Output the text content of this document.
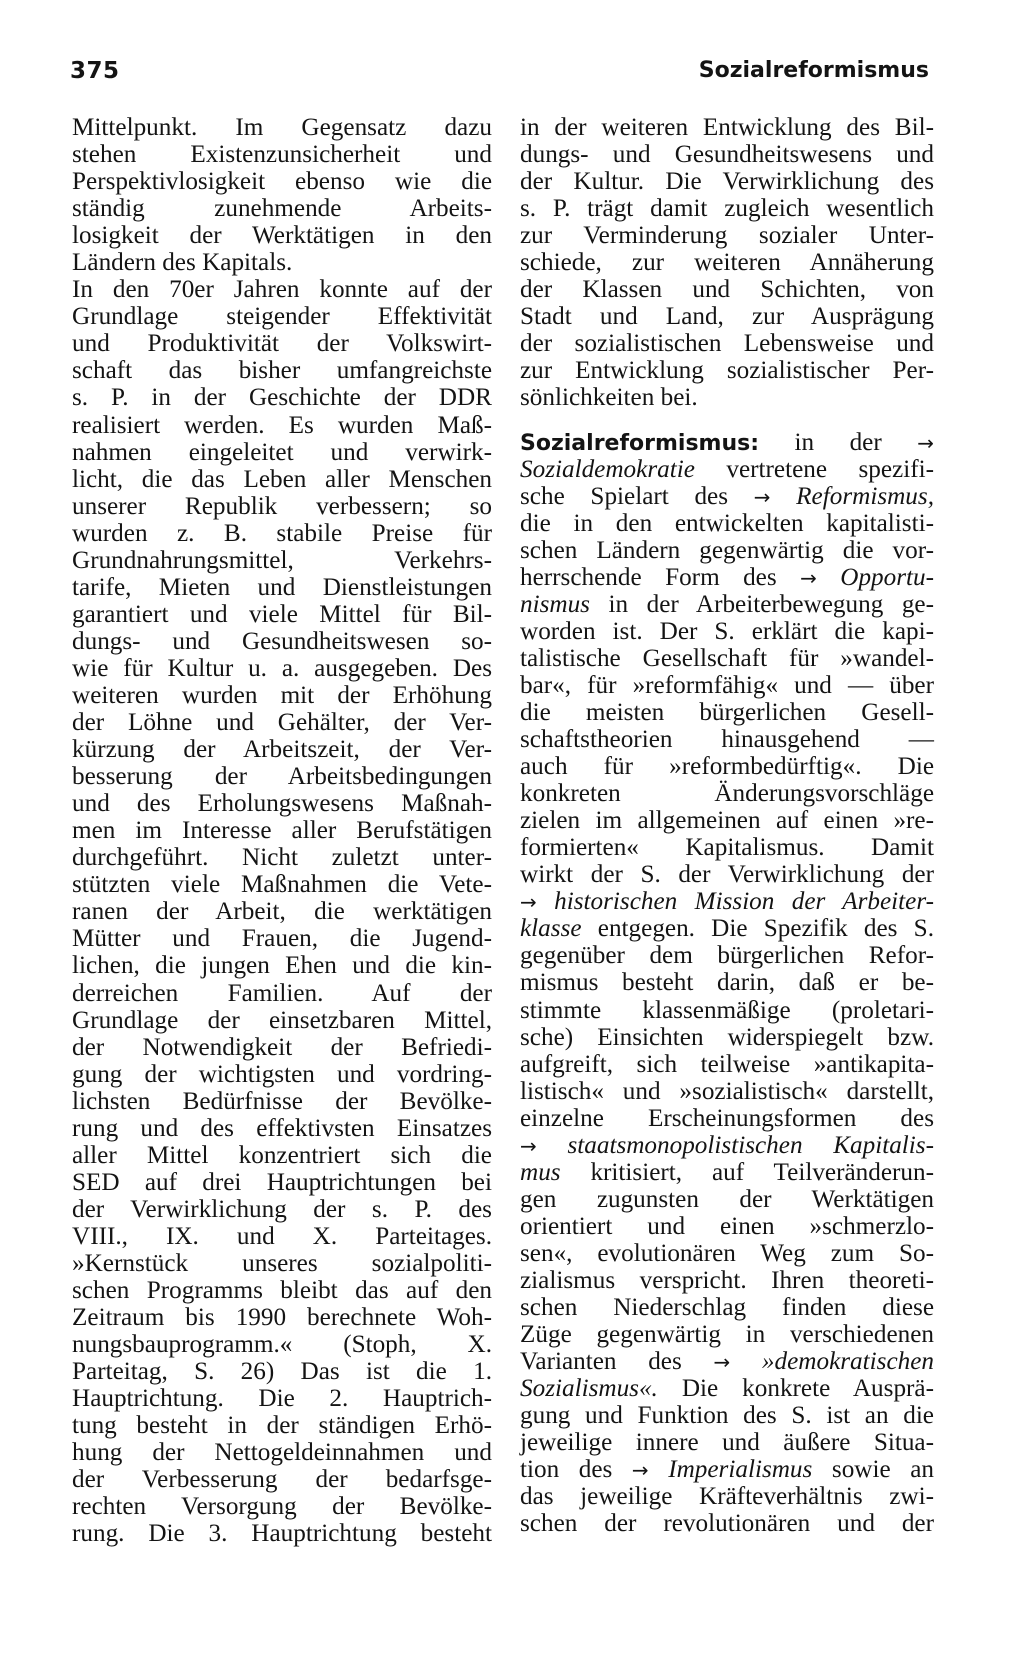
375	Sozialreformismus
Mittelpunkt. Im Gegensatz dazu
stehen Existenzunsicherheit und
Perspektivlosigkeit ebenso wie die
ständig zunehmende Arbeits-
losigkeit der Werktätigen in den
Ländern des Kapitals.
In den 70er Jahren konnte auf der
Grundlage steigender Effektivität
und Produktivität der Volkswirt-
schaft das bisher umfangreichste
s. P. in der Geschichte der DDR
realisiert werden. Es wurden Maß-
nahmen eingeleitet und verwirk-
licht, die das Leben aller Menschen
unserer Republik verbessern; so
wurden z. B. stabile Preise für
Grundnahrungsmittel, Verkehrs-
tarife, Mieten und Dienstleistungen
garantiert und viele Mittel für Bil-
dungs- und Gesundheitswesen so-
wie für Kultur u. a. ausgegeben. Des
weiteren wurden mit der Erhöhung
der Löhne und Gehälter, der Ver-
kürzung der Arbeitszeit, der Ver-
besserung der Arbeitsbedingungen
und des Erholungswesens Maßnah-
men im Interesse aller Berufstätigen
durchgeführt. Nicht zuletzt unter-
stützten viele Maßnahmen die Vete-
ranen der Arbeit, die werktätigen
Mütter und Frauen, die Jugend-
lichen, die jungen Ehen und die kin-
derreichen Familien. Auf der
Grundlage der einsetzbaren Mittel,
der Notwendigkeit der Befriedi-
gung der wichtigsten und vordring-
lichsten Bedürfnisse der Bevölke-
rung und des effektivsten Einsatzes
aller Mittel konzentriert sich die
SED auf drei Hauptrichtungen bei
der Verwirklichung der s. P. des
VIII., IX. und X. Parteitages.
»Kernstück unseres sozialpoliti-
schen Programms bleibt das auf den
Zeitraum bis 1990 berechnete Woh-
nungsbauprogramm.« (Stoph, X.
Parteitag, S. 26) Das ist die 1.
Hauptrichtung. Die 2. Hauptrich-
tung besteht in der ständigen Erhö-
hung der Nettogeldeinnahmen und
der Verbesserung der bedarfsge-
rechten Versorgung der Bevölke-
rung. Die 3. Hauptrichtung besteht
in der weiteren Entwicklung des Bil-
dungs- und Gesundheitswesens und
der Kultur. Die Verwirklichung des
s. P. trägt damit zugleich wesentlich
zur Verminderung sozialer Unter-
schiede, zur weiteren Annäherung
der Klassen und Schichten, von
Stadt und Land, zur Ausprägung
der sozialistischen Lebensweise und
zur Entwicklung sozialistischer Per-
sönlichkeiten bei.
Sozialreformismus: in der →
Sozialdemokratie vertretene spezifi-
sche Spielart des → Reformismus,
die in den entwickelten kapitalisti-
schen Ländern gegenwärtig die vor-
herrschende Form des → Opportu-
nismus in der Arbeiterbewegung ge-
worden ist. Der S. erklärt die kapi-
talistische Gesellschaft für »wandel-
bar«, für »reformfähig« und — über
die meisten bürgerlichen Gesell-
schaftstheorien hinausgehend —
auch für »reformbedürftig«. Die
konkreten Änderungsvorschläge
zielen im allgemeinen auf einen »re-
formierten« Kapitalismus. Damit
wirkt der S. der Verwirklichung der
→ historischen Mission der Arbeiter-
klasse entgegen. Die Spezifik des S.
gegenüber dem bürgerlichen Refor-
mismus besteht darin, daß er be-
stimmte klassenmäßige (proletari-
sche) Einsichten widerspiegelt bzw.
aufgreift, sich teilweise »antikapita-
listisch« und »sozialistisch« darstellt,
einzelne Erscheinungsformen des
→ staatsmonopolistischen Kapitalis-
mus kritisiert, auf Teilveränderun-
gen zugunsten der Werktätigen
orientiert und einen »schmerzlo-
sen«, evolutionären Weg zum So-
zialismus verspricht. Ihren theoreti-
schen Niederschlag finden diese
Züge gegenwärtig in verschiedenen
Varianten des → »demokratischen
Sozialismus«. Die konkrete Ausprä-
gung und Funktion des S. ist an die
jeweilige innere und äußere Situa-
tion des → Imperialismus sowie an
das jeweilige Kräfteverhältnis zwi-
schen der revolutionären und der
